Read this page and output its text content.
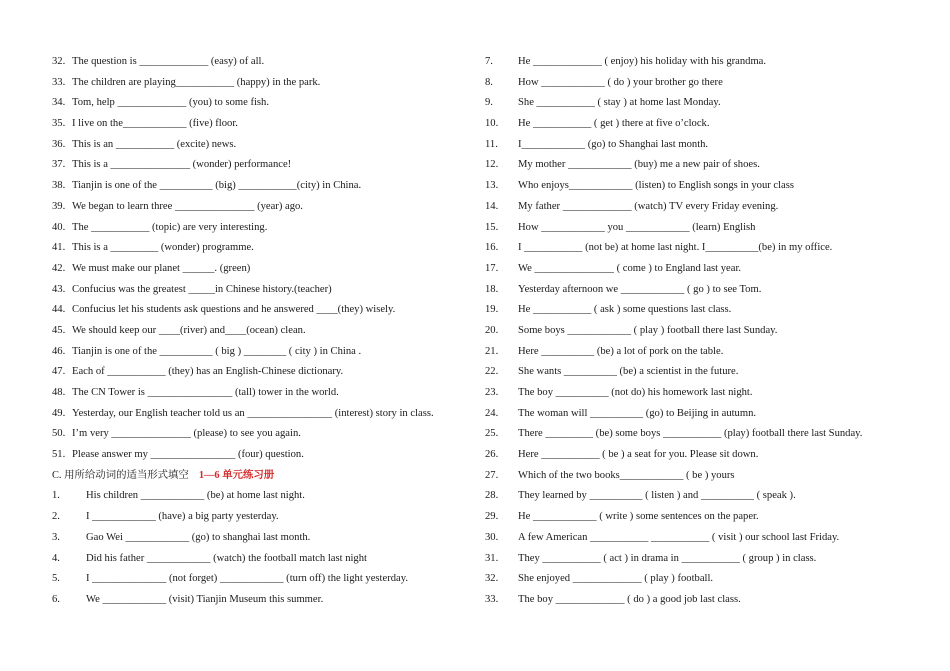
32. The question is _____________ (easy) of all.
33. The children are playing___________ (happy) in the park.
34. Tom, help _____________ (you) to some fish.
35. I live on the____________ (five) floor.
36. This is an ___________ (excite) news.
37. This is a _______________ (wonder) performance!
38. Tianjin is one of the __________ (big) ___________(city) in China.
39. We began to learn three _______________ (year) ago.
40. The ___________ (topic) are very interesting.
41. This is a _________ (wonder) programme.
42. We must make our planet ______. (green)
43. Confucius was the greatest _____in Chinese history.(teacher)
44. Confucius let his students ask questions and he answered ____(they) wisely.
45. We should keep our ____(river) and____(ocean) clean.
46. Tianjin is one of the __________ ( big ) ________ ( city ) in China .
47. Each of ___________ (they) has an English-Chinese dictionary.
48. The CN Tower is ________________ (tall) tower in the world.
49. Yesterday, our English teacher told us an ________________ (interest) story in class.
50. I’m very _______________ (please) to see you again.
51. Please answer my ________________ (four) question.
C. 用所给动词的适当形式填空 1—6 单元练习册
1. His children ____________ (be) at home last night.
2. I ____________ (have) a big party yesterday.
3. Gao Wei ____________ (go) to shanghai last month.
4. Did his father ____________ (watch) the football match last night
5. I ______________ (not forget) ____________ (turn off) the light yesterday.
6. We ____________ (visit) Tianjin Museum this summer.
7. He _____________ ( enjoy) his holiday with his grandma.
8. How ____________ ( do ) your brother go there
9. She ___________ ( stay ) at home last Monday.
10. He ___________ ( get ) there at five o’clock.
11. I____________ (go) to Shanghai last month.
12. My mother ____________ (buy) me a new pair of shoes.
13. Who enjoys____________ (listen) to English songs in your class
14. My father _____________ (watch) TV every Friday evening.
15. How ____________ you ____________ (learn) English
16. I ___________ (not be) at home last night. I__________(be) in my office.
17. We _______________ ( come ) to England last year.
18. Yesterday afternoon we ____________ ( go ) to see Tom.
19. He ___________ ( ask ) some questions last class.
20. Some boys ____________ ( play ) football there last Sunday.
21. Here __________ (be) a lot of pork on the table.
22. She wants __________ (be) a scientist in the future.
23. The boy __________ (not do) his homework last night.
24. The woman will __________ (go) to Beijing in autumn.
25. There _________ (be) some boys ___________ (play) football there last Sunday.
26. Here ___________ ( be ) a seat for you. Please sit down.
27. Which of the two books____________ ( be ) yours
28. They learned by __________ ( listen ) and __________ ( speak ).
29. He ____________ ( write ) some sentences on the paper.
30. A few American ___________ ___________ ( visit ) our school last Friday.
31. They ___________ ( act ) in drama in ___________ ( group ) in class.
32. She enjoyed _____________ ( play ) football.
33. The boy _____________ ( do ) a good job last class.
